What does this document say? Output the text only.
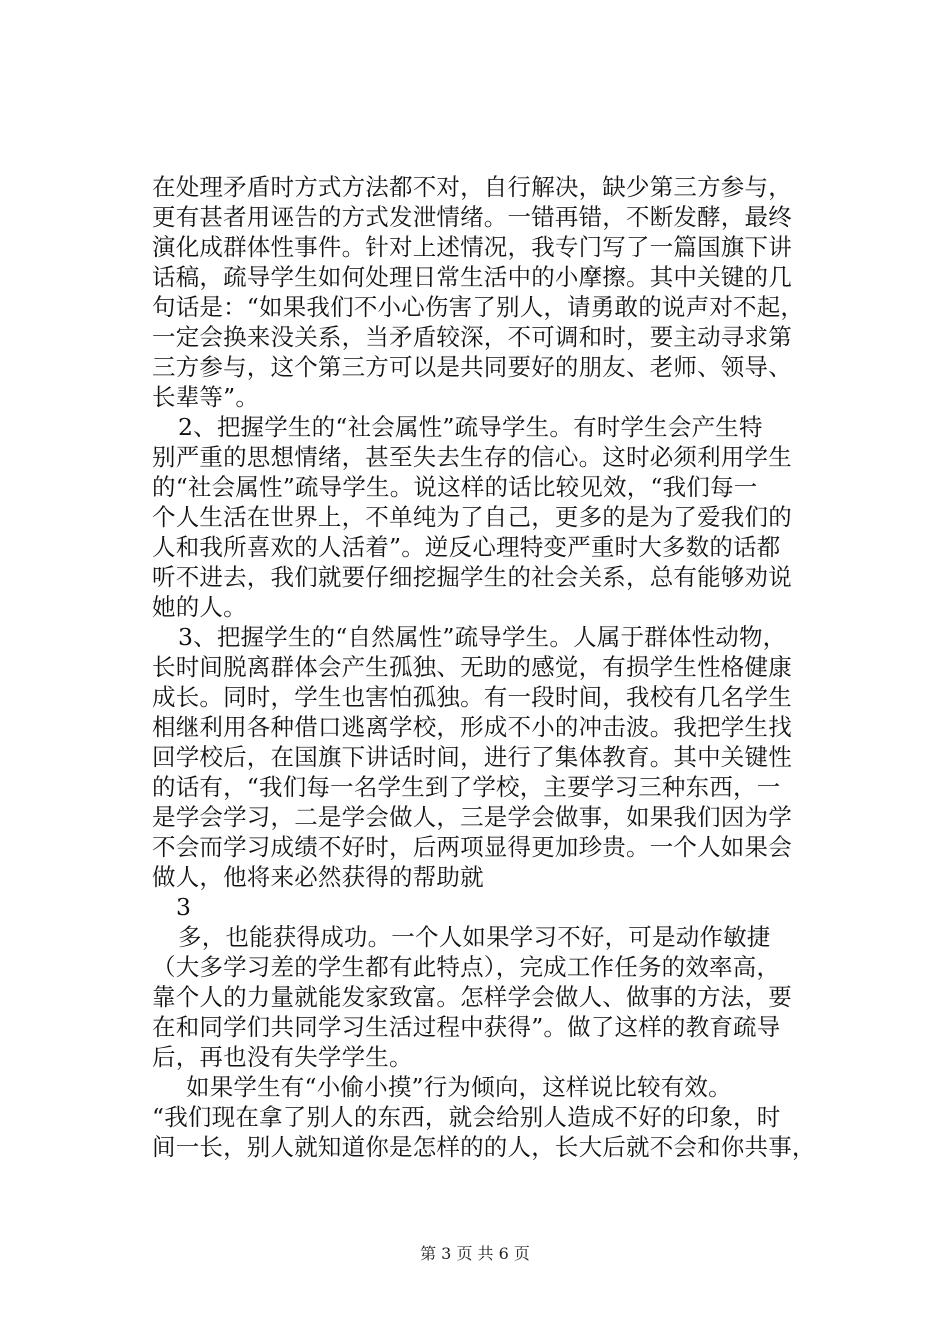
在处理矛盾时方式方法都不对，自行解决，缺少第三方参与，
更有甚者用诬告的方式发泄情绪。一错再错，不断发酵，最终
演化成群体性事件。针对上述情况，我专门写了一篇国旗下讲
话稿，疏导学生如何处理日常生活中的小摩擦。其中关键的几
句话是：“如果我们不小心伤害了别人，请勇敢的说声对不起，
一定会换来没关系，当矛盾较深，不可调和时，要主动寻求第
三方参与，这个第三方可以是共同要好的朋友、老师、领导、
长辈等”。
2、把握学生的“社会属性”疏导学生。有时学生会产生特
别严重的思想情绪，甚至失去生存的信心。这时必须利用学生
的“社会属性”疏导学生。说这样的话比较见效，“我们每一
个人生活在世界上，不单纯为了自己，更多的是为了爱我们的
人和我所喜欢的人活着”。逆反心理特变严重时大多数的话都
听不进去，我们就要仔细挖掘学生的社会关系，总有能够劝说
她的人。
3、把握学生的“自然属性”疏导学生。人属于群体性动物，
长时间脱离群体会产生孤独、无助的感觉，有损学生性格健康
成长。同时，学生也害怕孤独。有一段时间，我校有几名学生
相继利用各种借口逃离学校，形成不小的冲击波。我把学生找
回学校后，在国旗下讲话时间，进行了集体教育。其中关键性
的话有，“我们每一名学生到了学校，主要学习三种东西，一
是学会学习，二是学会做人，三是学会做事，如果我们因为学
不会而学习成绩不好时，后两项显得更加珍贵。一个人如果会
做人，他将来必然获得的帮助就
3
多，也能获得成功。一个人如果学习不好，可是动作敏捷
（大多学习差的学生都有此特点），完成工作任务的效率高，
靠个人的力量就能发家致富。怎样学会做人、做事的方法，要
在和同学们共同学习生活过程中获得”。做了这样的教育疏导
后，再也没有失学学生。
如果学生有“小偷小摸”行为倾向，这样说比较有效。
“我们现在拿了别人的东西，就会给别人造成不好的印象，时
间一长，别人就知道你是怎样的的人，长大后就不会和你共事，
第 3 页 共 6 页
